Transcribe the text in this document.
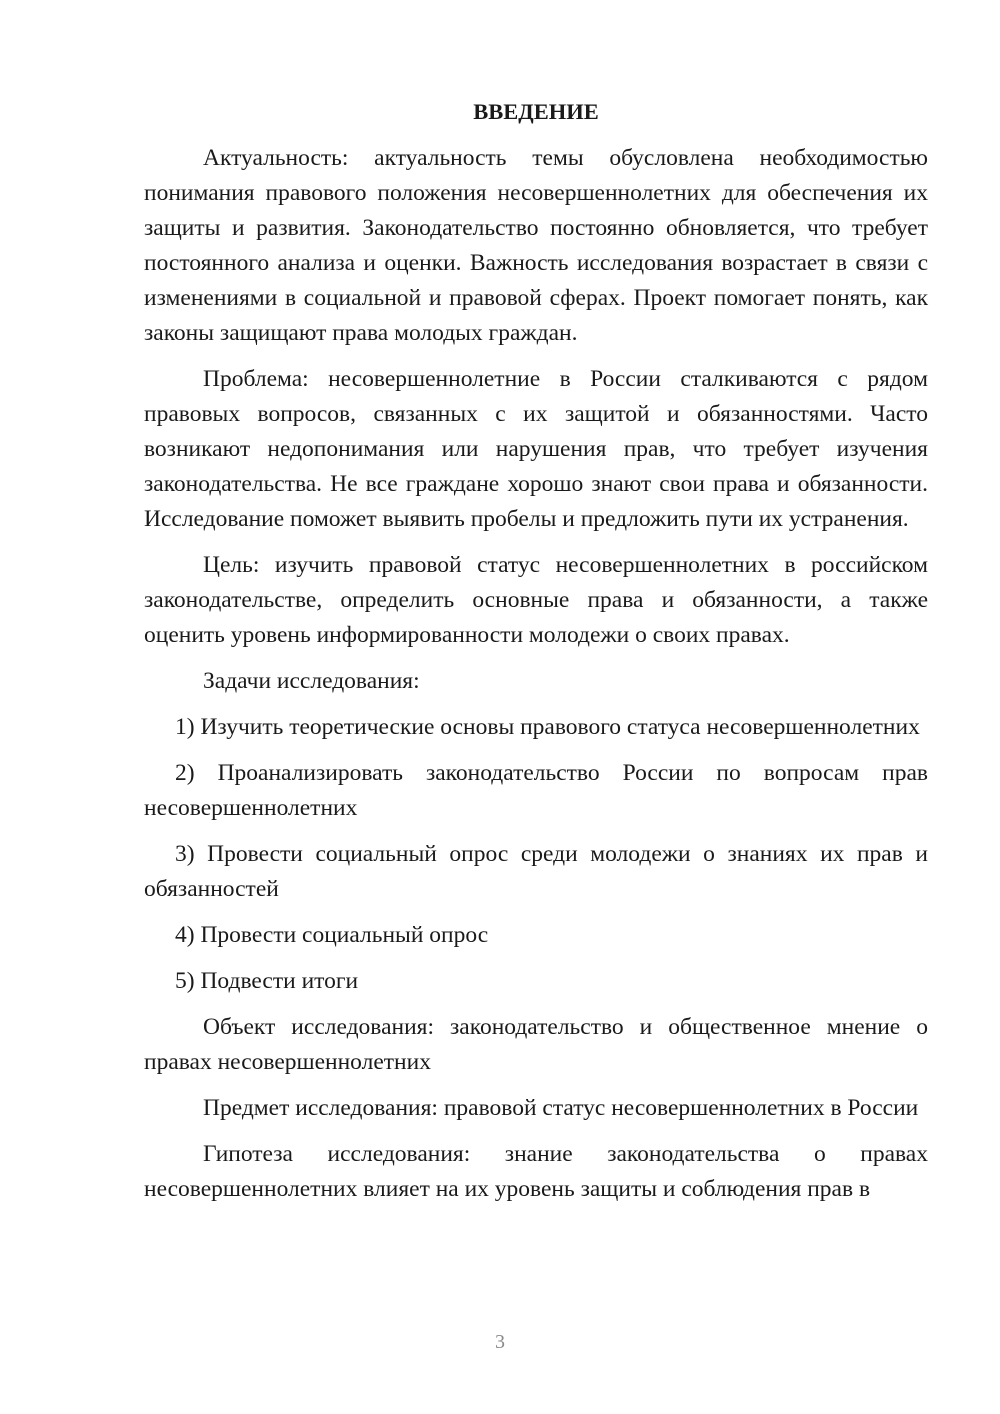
ВВЕДЕНИЕ

Актуальность: актуальность темы обусловлена необходимостью понимания правового положения несовершеннолетних для обеспечения их защиты и развития. Законодательство постоянно обновляется, что требует постоянного анализа и оценки. Важность исследования возрастает в связи с изменениями в социальной и правовой сферах. Проект помогает понять, как законы защищают права молодых граждан.

Проблема: несовершеннолетние в России сталкиваются с рядом правовых вопросов, связанных с их защитой и обязанностями. Часто возникают недопонимания или нарушения прав, что требует изучения законодательства. Не все граждане хорошо знают свои права и обязанности. Исследование поможет выявить пробелы и предложить пути их устранения.

Цель: изучить правовой статус несовершеннолетних в российском законодательстве, определить основные права и обязанности, а также оценить уровень информированности молодежи о своих правах.

Задачи исследования:

1) Изучить теоретические основы правового статуса несовершеннолетних

2) Проанализировать законодательство России по вопросам прав несовершеннолетних

3) Провести социальный опрос среди молодежи о знаниях их прав и обязанностей

4) Провести социальный опрос

5) Подвести итоги

Объект исследования: законодательство и общественное мнение о правах несовершеннолетних

Предмет исследования: правовой статус несовершеннолетних в России

Гипотеза исследования: знание законодательства о правах несовершеннолетних влияет на их уровень защиты и соблюдения прав в

3
